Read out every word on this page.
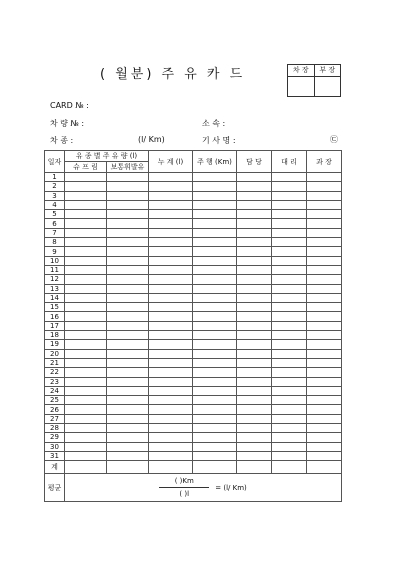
( 월분) 주 유 카 드	차 장	부 장
CARD № :
차 량 № :	소 속 :
차 종 :	(l/ Km)	기 사 명 :	㉢
일자	유 종 별 주 유 량 (l)		누 계 (l)	주 행 (Km)	담 당	대 리	과 장
	슈 프 림	보통휘발유					
1							
2							
3							
4							
5							
6							
7							
8							
9							
10							
11							
12							
13							
14							
15							
16							
17							
18							
19							
20							
21							
22							
23							
24							
25							
26							
27							
28							
29							
30							
31							
계							
평균	( )Km
( )l
= (l/ Km)						
